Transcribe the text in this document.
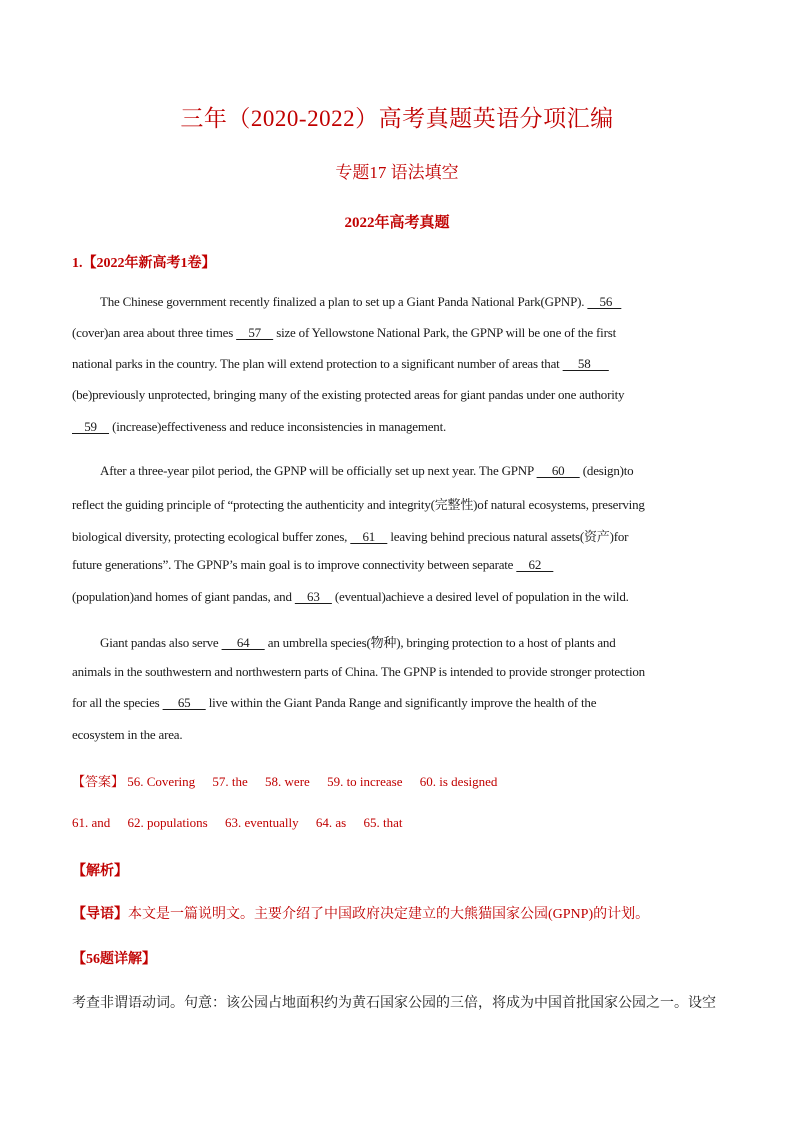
三年（2020-2022）高考真题英语分项汇编
专题17 语法填空
2022年高考真题
1.【2022年新高考1卷】
The Chinese government recently finalized a plan to set up a Giant Panda National Park(GPNP).     56
(cover)an area about three times     57     size of Yellowstone National Park, the GPNP will be one of the first
national parks in the country. The plan will extend protection to a significant number of areas that      58
(be)previously unprotected, bringing many of the existing protected areas for giant pandas under one authority
59     (increase)effectiveness and reduce inconsistencies in management.
After a three-year pilot period, the GPNP will be officially set up next year. The GPNP      60      (design)to
reflect the guiding principle of “protecting the authenticity and integrity(完整性)of natural ecosystems, preserving
biological diversity, protecting ecological buffer zones,     61     leaving behind precious natural assets(资产)for
future generations”. The GPNP’s main goal is to improve connectivity between separate     62
(population)and homes of giant pandas, and     63     (eventual)achieve a desired level of population in the wild.
Giant pandas also serve      64      an umbrella species(物种), bringing protection to a host of plants and
animals in the southwestern and northwestern parts of China. The GPNP is intended to provide stronger protection
for all the species      65      live within the Giant Panda Range and significantly improve the health of the
ecosystem in the area.
【答案】 56. Covering 57. the 58. were 59. to increase 60. is designed
61. and 62. populations 63. eventually 64. as 65. that
【解析】
【导语】本文是一篇说明文。主要介绍了中国政府决定建立的大熊猫国家公园(GPNP)的计划。
【56题详解】
考查非谓语动词。句意：该公园占地面积约为黄石国家公园的三倍，将成为中国首批国家公园之一。设空
